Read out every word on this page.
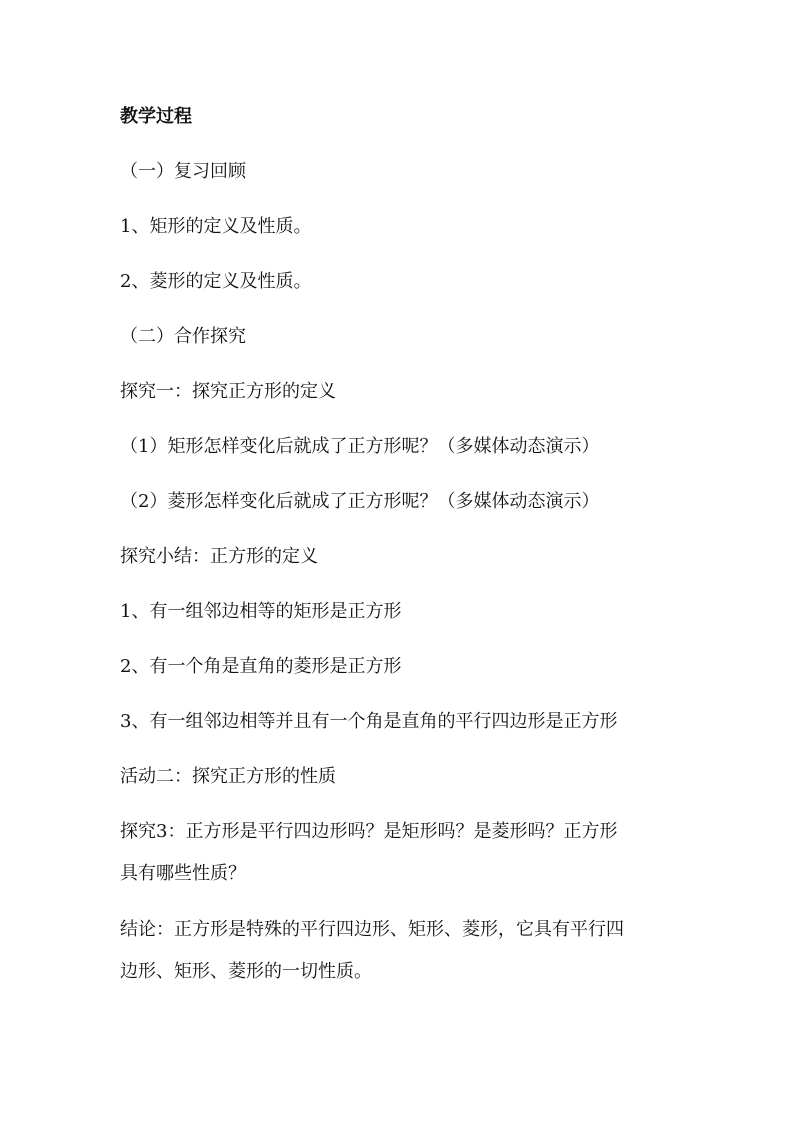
教学过程
（一）复习回顾
1、矩形的定义及性质。
2、菱形的定义及性质。
（二）合作探究
探究一：探究正方形的定义
（1）矩形怎样变化后就成了正方形呢？（多媒体动态演示）
（2）菱形怎样变化后就成了正方形呢？（多媒体动态演示）
探究小结：正方形的定义
1、有一组邻边相等的矩形是正方形
2、有一个角是直角的菱形是正方形
3、有一组邻边相等并且有一个角是直角的平行四边形是正方形
活动二：探究正方形的性质
探究3：正方形是平行四边形吗？是矩形吗？是菱形吗？正方形
具有哪些性质？
结论：正方形是特殊的平行四边形、矩形、菱形，它具有平行四
边形、矩形、菱形的一切性质。
